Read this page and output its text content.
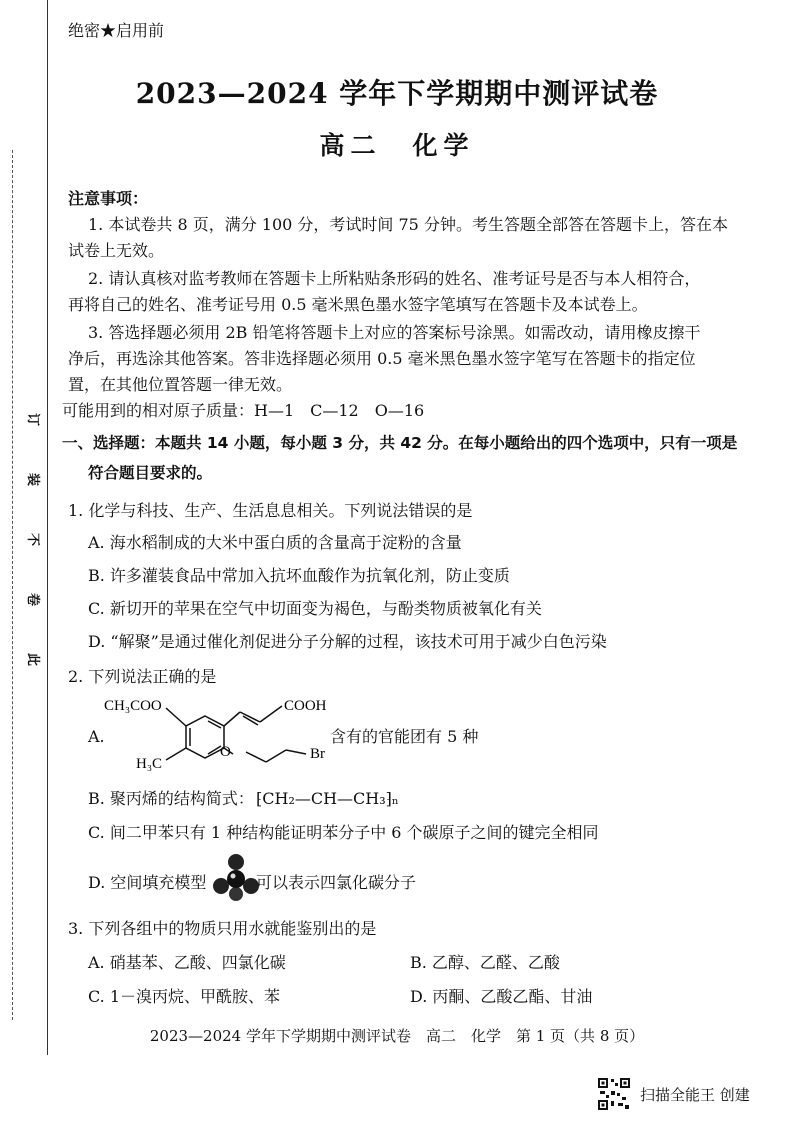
订
装
不
卷
此
绝密★启用前
2023—2024 学年下学期期中测评试卷
高二　化学
注意事项：
1. 本试卷共 8 页，满分 100 分，考试时间 75 分钟。考生答题全部答在答题卡上，答在本
试卷上无效。
2. 请认真核对监考教师在答题卡上所粘贴条形码的姓名、准考证号是否与本人相符合，
再将自己的姓名、准考证号用 0.5 毫米黑色墨水签字笔填写在答题卡及本试卷上。
3. 答选择题必须用 2B 铅笔将答题卡上对应的答案标号涂黑。如需改动，请用橡皮擦干
净后，再选涂其他答案。答非选择题必须用 0.5 毫米黑色墨水签字笔写在答题卡的指定位
置，在其他位置答题一律无效。
可能用到的相对原子质量：H—1　C—12　O—16
一、选择题：本题共 14 小题，每小题 3 分，共 42 分。在每小题给出的四个选项中，只有一项是
符合题目要求的。
1. 化学与科技、生产、生活息息相关。下列说法错误的是
A. 海水稻制成的大米中蛋白质的含量高于淀粉的含量
B. 许多灌装食品中常加入抗坏血酸作为抗氧化剂，防止变质
C. 新切开的苹果在空气中切面变为褐色，与酚类物质被氧化有关
D. “解聚”是通过催化剂促进分子分解的过程，该技术可用于减少白色污染
2. 下列说法正确的是
A.
CH₃COO	COOH
H₃C
O	Br
含有的官能团有 5 种
B. 聚丙烯的结构简式： ⁅CH₂—CH—CH₃⁆ₙ
C. 间二甲苯只有 1 种结构能证明苯分子中 6 个碳原子之间的键完全相同
D. 空间填充模型	可以表示四氯化碳分子
3. 下列各组中的物质只用水就能鉴别出的是
A. 硝基苯、乙酸、四氯化碳	B. 乙醇、乙醛、乙酸
C. 1－溴丙烷、甲酰胺、苯	D. 丙酮、乙酸乙酯、甘油
2023—2024 学年下学期期中测评试卷　高二　化学　第 1 页（共 8 页）
扫描全能王 创建
